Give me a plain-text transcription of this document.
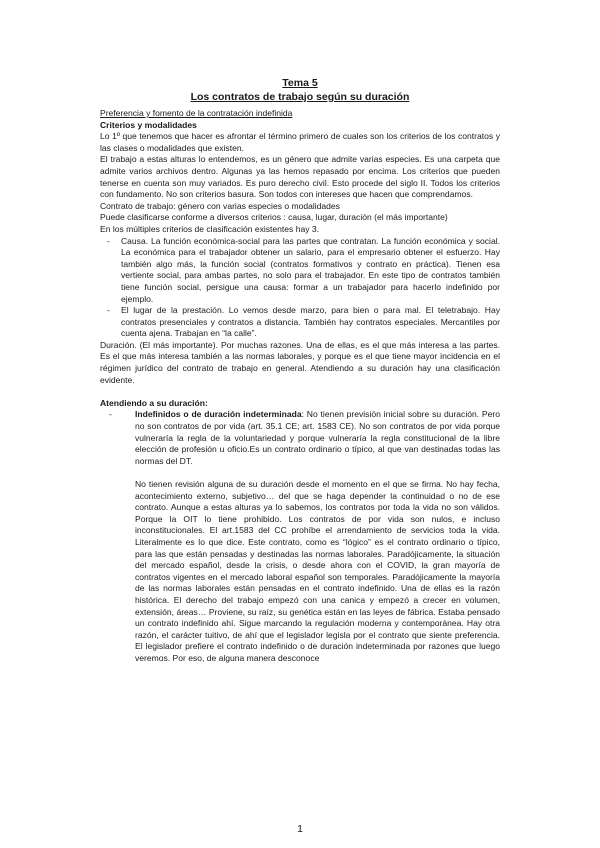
Tema 5

Los contratos de trabajo según su duración

Preferencia y fomento de la contratación indefinida

Criterios y modalidades

Lo 1º que tenemos que hacer es afrontar el término primero de cuales son los criterios de los contratos y las clases o modalidades que existen.

El trabajo a estas alturas lo entendemos, es un género que admite varias especies. Es una carpeta que admite varios archivos dentro. Algunas ya las hemos repasado por encima. Los criterios que pueden tenerse en cuenta son muy variados. Es puro derecho civil. Esto procede del siglo II. Todos los criterios con fundamento. No son criterios basura. Son todos con intereses que hacen que comprendamos.

Contrato de trabajo: género con varias especies o modalidades

Puede clasificarse conforme a diversos criterios : causa, lugar, duración (el más importante)

En los múltiples criterios de clasificación existentes hay 3.

- Causa. La función económica-social para las partes que contratan. La función económica y social. La económica para el trabajador obtener un salario, para el empresario obtener el esfuerzo. Hay también algo más, la función social (contratos formativos y contrato en práctica). Tienen esa vertiente social, para ambas partes, no solo para el trabajador. En este tipo de contratos también tiene función social, persigue una causa: formar a un trabajador para hacerlo indefinido por ejemplo.
- El lugar de la prestación. Lo vemos desde marzo, para bien o para mal. El teletrabajo. Hay contratos presenciales y contratos a distancia. También hay contratos especiales. Mercantiles por cuenta ajena. Trabajan en “la calle”.

Duración. (El más importante). Por muchas razones. Una de ellas, es el que más interesa a las partes. Es el que más interesa también a las normas laborales, y porque es el que tiene mayor incidencia en el régimen jurídico del contrato de trabajo en general. Atendiendo a su duración hay una clasificación evidente.

Atendiendo a su duración:

-	Indefinidos o de duración indeterminada: No tienen previsión inicial sobre su duración. Pero no son contratos de por vida (art. 35.1 CE; art. 1583 CE). No son contratos de por vida porque vulneraría la regla de la voluntariedad y porque vulneraría la regla constitucional de la libre elección de profesión u oficio.Es un contrato ordinario o típico, al que van destinadas todas las normas del DT.

No tienen revisión alguna de su duración desde el momento en el que se firma. No hay fecha, acontecimiento externo, subjetivo… del que se haga depender la continuidad o no de ese contrato. Aunque a estas alturas ya lo sabemos, los contratos por toda la vida no son válidos. Porque la OIT lo tiene prohibido. Los contratos de por vida son nulos, e incluso inconstitucionales. El art.1583 del CC prohíbe el arrendamiento de servicios toda la vida. Literalmente es lo que dice. Este contrato, como es “lógico” es el contrato ordinario o típico, para las que están pensadas y destinadas las normas laborales. Paradójicamente, la situación del mercado español, desde la crisis, o desde ahora con el COVID, la gran mayoría de contratos vigentes en el mercado laboral español son temporales. Paradójicamente la mayoría de las normas laborales están pensadas en el contrato indefinido. Una de ellas es la razón histórica. El derecho del trabajo empezó con una canica y empezó a crecer en volumen, extensión, áreas… Proviene, su raíz, su genética están en las leyes de fábrica. Estaba pensado un contrato indefinido ahí. Sigue marcando la regulación moderna y contemporánea. Hay otra razón, el carácter tuitivo, de ahí que el legislador legisla por el contrato que siente preferencia. El legislador prefiere el contrato indefinido o de duración indeterminada por razones que luego veremos. Por eso, de alguna manera desconoce

1
